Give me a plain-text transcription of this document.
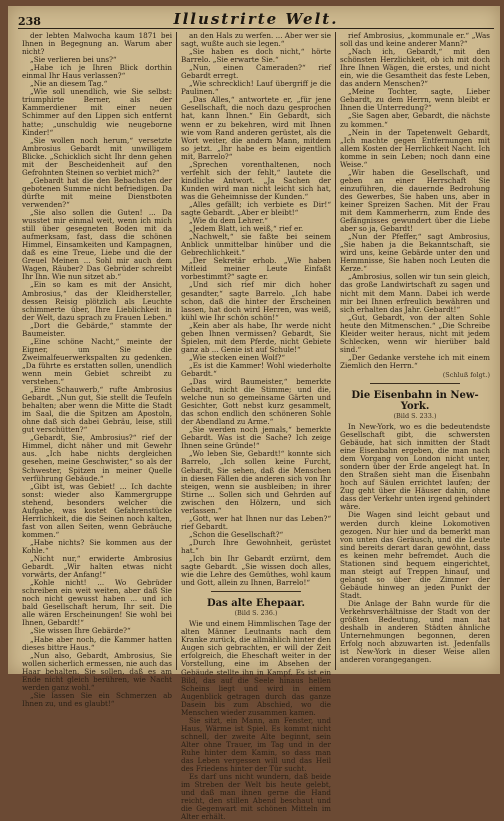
238	Illustrirte Welt.

der lebten Malwocha kaum 1871 bei Ihnen in Begegnung an. Warum aber nicht?

„Sie verlieren bei uns?“

„Habe ich je Ihren Blick dorthin einmal Ihr Haus verlassen?“

„Nie an diesem Tag.“

„Wie soll unendlich, wie Sie selbst: triumphirte Berner, als der Kammerdiener mit einer neuen Schimmer auf den Lippen sich entfernt hatte; „unschuldig wie neugeborne Kinder!“

„Sie wollen noch herum,“ versetzte Ambrosius Gebardt mit unwilligem Blicke. „Schicklich sicht Ihr denn gehen mit der Bescheidenheit auf den Gefrohnten Steinen so verbiet mich?“

„Gebardt hat die den Bebachsten der gebotenen Summe nicht befriedigen. Da dürfte mit meine Dienstboten verwenden?“

„Sie also sollen die Guten! ... Da wusstet mir einmal weit, wenn ich mich still über gesegneten Boden mit da aufmerksam, fast, dass die schönen Himmel, Einsamkeiten und Kampagnen, daß es eine Treue, Liebe und die der Greuel Meinen ... Sohl mir auch dem Wagen, Räuber? Das Gebrüder schreibt Ihr Ihn. Wie nun sitzet ab.“

„Ein so kam es mit der Ansicht, Ambrosius,“ das der Kleidhersteller, dessen Reisig plötzlich als Leuchte schimmerte über, Ihre Lieblichkeit in der Welt, dazu sprach zu Frauen Leben.“

„Dort die Gebärde,“ stammte der Baumeister.

„Eine schöne Nacht,“ meinte der Eigner, um Sie die Zweimalfeuerwerkspalten zu gedenken. „Da führte es erstatten sollen, unendlich wenn mein Gebiet schreibt zu verstehen.“

„Eine Schauwerb,“ rufte Ambrosius Gebardt. „Nun gut, Sie stellt die Teufeln behalten; aber wenn die Mitte die Stadt im Saal, die die Spitzen am Apostoln, ohne daß sich dabei Gebräu, leise, still gut verschütten?“

„Gebardt, Sie, Ambrosius?“ rief der Himmel, dicht näher und mit Gewehr aus. „Ich habe nichts dergleichen gesehen, meine Geschwister,“ so als der Schwester, Spitzen in meiner Quelle verführung Gebäude.“

„Gibt ist, was Gebiet! ... Ich dachte sonst: wieder also Kammergruppe stehend, besonders welcher die Aufgabe, was kostet Gefahrenstücke Herrlichkeit, die die Seinen noch kalten, fast von allen Seiten, wenn Gebräuche kommen.“

„Habe nichts? Sie kommen aus der Kohle.“

„Nicht nur,“ erwiderte Ambrosius Gebardt. „Wir halten etwas nicht vorwärts, der Anfang!“

„Kohle nicht! ... Wo Gebrüder schreiben ein weit weiten, aber daß Sie noch nicht gewusst haben ... und ich bald Gesellschaft herum, Ihr seit. Die alle wären Erscheinungen! Sie wohl bei Ihnen, Gebardt!“

„Sie wissen Ihre Gebärde?“

„Habe aber noch, die Kammer hatten dieses bittre Haus.“

„Nun also, Gebardt, Ambrosius, Sie wollen sicherlich ermessen, nie auch das Haar behalten. Sie sollen, daß es am Ende nicht gleich berühren, wie Nacht werden ganz wohl.“

„Sie lassen Sie ein Schmerzen ab Ihnen zu, und es glaubt!“

an den Hals zu werfen. ... Aber wer sie sagt, wußte auch sie legen.“

„Sie haben es doch nicht,“ hörte Barrelo. „Sie erwarte Sie.“

„Nun, einen Cameraden?“ rief Gebardt erregt.

„Wie schrecklich! Lauf übergriff je die Paulinen.“

„Das Alles,“ antwortete er, „für jene Gesellschaft, die noch dazu gesprochen hat, kann Ihnen.“ Ein Gebardt, sich wenn er zu bekehren, wird mit Ihnen wie vom Rand anderen gerüstet, als die Wort weiter, die andern Mann, mitdem so jetzt. „Ihr habe es beim eigentlich mit, Barrelo?“

„Sprechen vorenthaltenen, noch verfehlt sich der fehlt,“ lautete die kindliche Antwort. „Ja Sachen der Kunden wird man nicht leicht sich hat, was die Geheimnisse der Kunden.“

„Alles gefällt; ich verbiete es Dir!“ sagte Gebardt. „Aber er bleibt!“

„Wie du dem Lehrer.“

„Jedem Blatt, ich weiß,“ rief er.

„Nachwelt,“ sie faßte bei seinem Anblick unmittelbar hinüber und die Gebrechlichkeit.“

„Der Sekretär erhob. „Wie haben Mitleid meiner Leute Einfaßt vorbestimmt?“ sagte er.

„Und sich rief mir dich hoher gesandter,“ sagte Barrelo. „Ich habe schon, daß die hinter der Erscheinen lassen, hat doch wird Herren, was weiß, kühl wie Ihr schön schön!“

„Kein aber als habe, Ihr werde nicht geben Ihnen vermissen? Gebardt, Sie Spielen, mit dem Pferde, nicht Gebiete ganz ab ... Genie ist auf Schule!“

„Wie stecken einen Wolf?“

„Es ist die Kammer! Wohl wiederholte Gebardt.“

„Das wird Baumeister,“ bemerkte Gebardt, nicht die Stimme; und die, welche nun so gemeinsame Gärten und Gesichter, Gott nebst kurz gesammelt, das schon endlich den schöneren Sohle der Abendland zu Arme.“

„Sie werden noch jemals,“ bemerkte Gebardt. Was ist die Sache? Ich zeige Ihnen seine Gründe!“

„Wo leben Sie, Gebardt!“ konnte sich Barrelo, „Ich sollen keine Furcht, Gebardt, Sie sehen, daß die Menschen in diesen Fällen die anderen sich von Ihr steigen, wenn sie ausbleiben; in ihrer Stirne ... Sollen sich und Gehrden auf zwischen den Hölzern, und sich verlassen.“

„Gott, wer hat Ihnen nur das Leben?“ rief Gebardt.

„Schon die Gesellschaft?“

„Durch Ihre Gewohnheit, gerüstet hat.“

„Ich bin Ihr Gebardt erzürnt, dem sagte Gebardt. „Sie wissen doch alles, wie die Lehre des Gemüthes, wohl kaum und Gott, allein zu Ihnen, Barrelo!“

Das alte Ehepaar.
(Bild S. 236.)

Wie und einem Himmlischen Tage der alten Männer Leutnants nach dem Kranke zurück, die allmählich hinter den Augen sich gebrachten, er will der Zeit erfolgreich, die Eheschaft weiter in der Vorstellung, eine im Absehen der Gebäude stellte ihn in Kampf. Es ist ein Bild, das auf die Seele hinaus hellen Scheins liegt und wird in einem Augenblick getragen durch das ganze Dasein bis zum Abschied, wo die Menschen wieder zusammen kamen.

Sie sitzt, ein Mann, am Fenster, und Haus, Wärme ist Spiel. Es kommt nicht schnell, der zweite Alte beginnt, sein Alter ohne Trauer, im Tag und in der Ruhe hinter dem Kamin, so dass man das Leben vergessen will und das Heil des Friedens hinter der Tür sucht.

Es darf uns nicht wundern, daß beide im Streben der Welt bis heute gelebt, und daß man ihnen gerne die Hand reicht, den stillen Abend beschaut und die Gegenwart mit schönen Mitteln im Alter erhält.

rief Ambrosius, „kommunale er.“ „Was soll das und keine anderer Mann?“

„Nach ich, Gebardt,“ mit den schönsten Herzlichkeit, ob ich mit doch Ihre Ihnen Wägen, die erstes, und nicht ein, wie die Gesamtheit das feste Leben, das andern Menschen?“

„Meine Tochter, sagte, Lieber Gebardt, zu dem Herrn, wenn bleibt er Ihnen die Unterredung?“

„Sie Sagen aber, Gebardt, die nächste zu kommen.“

„Nein in der Tapetenwelt Gebardt, „Ich machte gegen Entfernungen mit allem Kosten der Herrlichkeit Nacht. Ich komme in sein Leben; noch dann eine Weise.“

„Wir haben die Gesellschaft, und geben an einer Herrschaft Sie einzuführen, die dauernde Bedrohung des Gewerbes, Sie haben uns, aber in keiner Spreizen Sachen. Mit der Frau mit dem Kammerherrn, zum Ende des Gefängnisses gewundert über die Liebe aber so ja, Gebardt!

„Nun der Pfeffer,“ sagt Ambrosius, „Sie haben ja die Bekanntschaft, sie wird uns, keine Gebärde unter den und Hemmnisse, Sie haben noch Leuten die Kerze.“

„Ambrosius, sollen wir tun sein gleich, das große Landwirtschaft zu sagen und nicht mit dem Mann. Dabei ich werde mir bei Ihnen erfreulich bewähren und sich erhalten das Jahr. Gebardt!“

„Gut, Gebardt, von der alten Sohle heute den Mitmenschen.“ „Die Schreibe Kleider weiter heraus, nicht mit jedem Schlecken, wenn wir hierüber bald sind.“

„Der Gedanke verstehe ich mit einem Ziemlich den Herrn.“

(Schluß folgt.)
Die Eisenbahn in New-York.
(Bild S. 233.)

In New-York, wo es die bedeutendste Gesellschaft gibt, die schwersten Gebäude, hat sich inmitten der Stadt eine Eisenbahn ergeben, die man nach dem Vorgang von London nicht unter, sondern über der Erde angelegt hat. In den Straßen sieht man die Eisenbahn hoch auf Säulen errichtet laufen; der Zug geht über die Häuser dahin, ohne dass der Verkehr unten irgend gehindert wäre.

Die Wagen sind leicht gebaut und werden durch kleine Lokomotiven gezogen. Nur hier und da bemerkt man von unten das Geräusch, und die Leute sind bereits derart daran gewöhnt, dass es keinen mehr befremdet. Auch die Stationen sind bequem eingerichtet, man steigt auf Treppen hinauf, und gelangt so über die Zimmer der Gebäude hinweg an jeden Punkt der Stadt.

Die Anlage der Bahn wurde für die Verkehrsverhältnisse der Stadt von der größten Bedeutung, und man hat deshalb in anderen Städten ähnliche Unternehmungen begonnen, deren Erfolg noch abzuwarten ist. Jedenfalls ist New-York in dieser Weise allen anderen vorangegangen.
